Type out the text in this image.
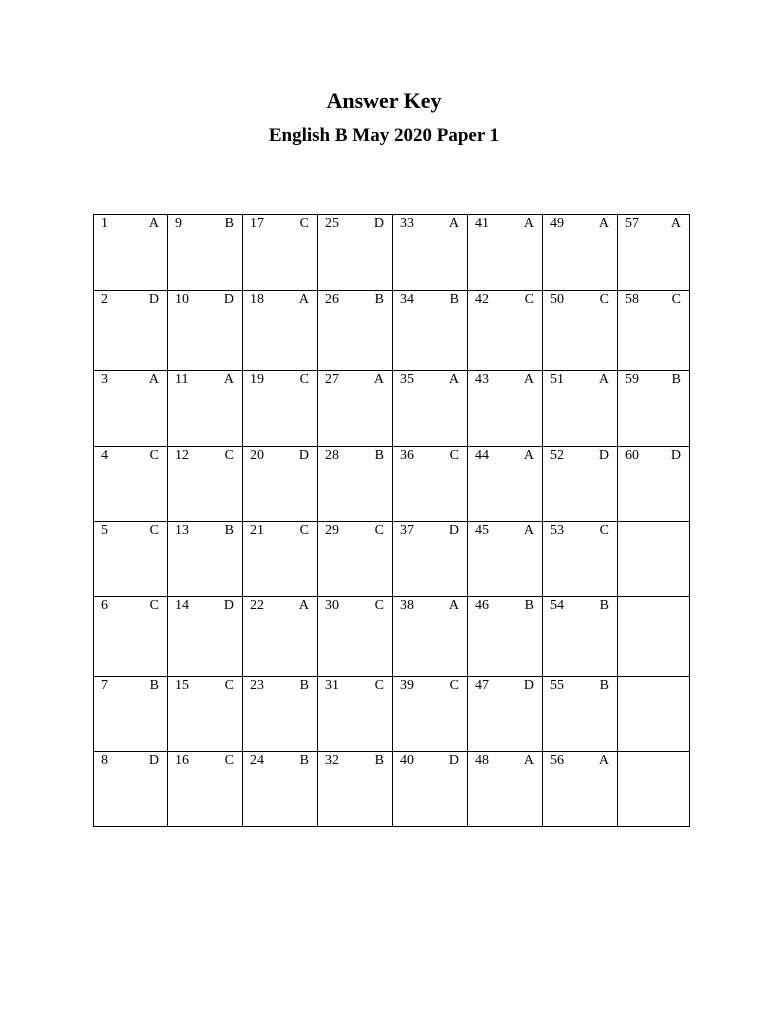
Answer Key
English B May 2020 Paper 1
1 A	9 B	17 C	25 D	33 A	41 A	49 A	57 A

2 D	10 D	18 A	26 B	34 B	42 C	50 C	58 C

3 A	11 A	19 C	27 A	35 A	43 A	51 A	59 B

4 C	12 C	20 D	28 B	36 C	44 A	52 D	60 D

5 C	13 B	21 C	29 C	37 D	45 A	53 C	

6 C	14 D	22 A	30 C	38 A	46 B	54 B	

7 B	15 C	23 B	31 C	39 C	47 D	55 B	

8 D	16 C	24 B	32 B	40 D	48 A	56 A	
